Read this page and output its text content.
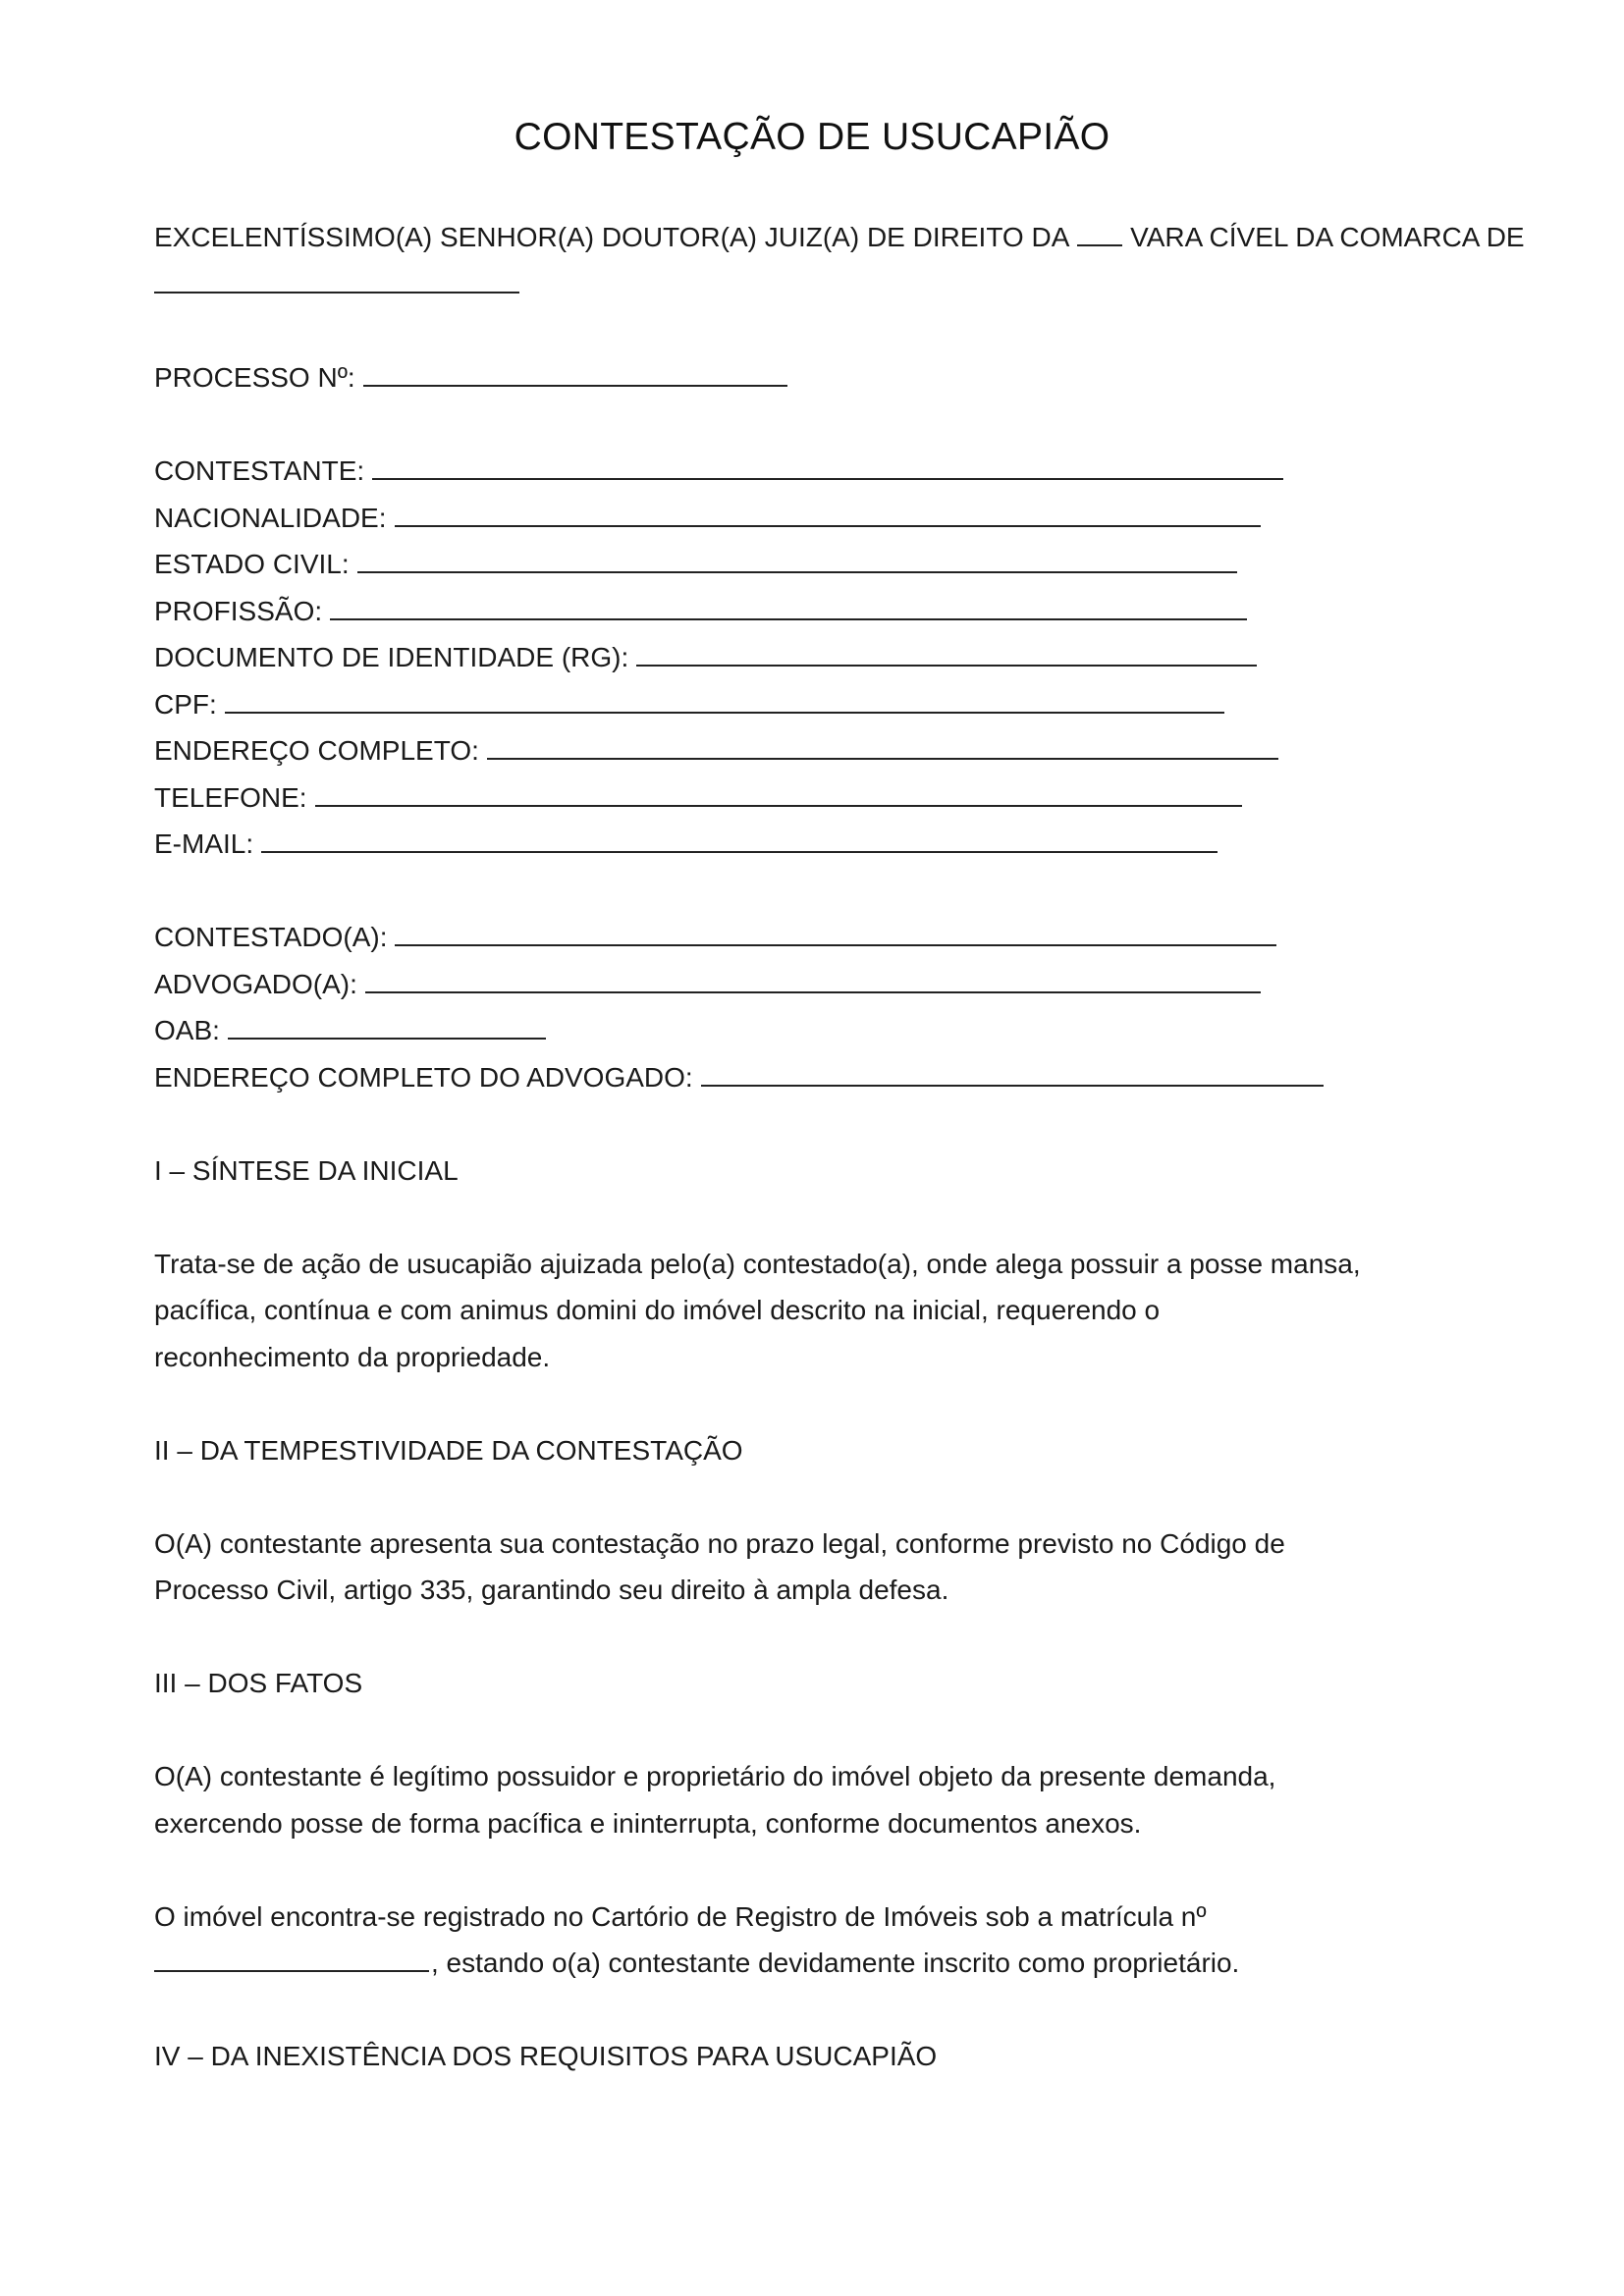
CONTESTAÇÃO DE USUCAPIÃO
EXCELENTÍSSIMO(A) SENHOR(A) DOUTOR(A) JUIZ(A) DE DIREITO DA VARA CÍVEL DA COMARCA DE
PROCESSO Nº:
CONTESTANTE:
NACIONALIDADE:
ESTADO CIVIL:
PROFISSÃO:
DOCUMENTO DE IDENTIDADE (RG):
CPF:
ENDEREÇO COMPLETO:
TELEFONE:
E-MAIL:
CONTESTADO(A):
ADVOGADO(A):
OAB:
ENDEREÇO COMPLETO DO ADVOGADO:
I – SÍNTESE DA INICIAL
Trata-se de ação de usucapião ajuizada pelo(a) contestado(a), onde alega possuir a posse mansa,
pacífica, contínua e com animus domini do imóvel descrito na inicial, requerendo o
reconhecimento da propriedade.
II – DA TEMPESTIVIDADE DA CONTESTAÇÃO
O(A) contestante apresenta sua contestação no prazo legal, conforme previsto no Código de
Processo Civil, artigo 335, garantindo seu direito à ampla defesa.
III – DOS FATOS
O(A) contestante é legítimo possuidor e proprietário do imóvel objeto da presente demanda,
exercendo posse de forma pacífica e ininterrupta, conforme documentos anexos.
O imóvel encontra-se registrado no Cartório de Registro de Imóveis sob a matrícula nº
, estando o(a) contestante devidamente inscrito como proprietário.
IV – DA INEXISTÊNCIA DOS REQUISITOS PARA USUCAPIÃO
